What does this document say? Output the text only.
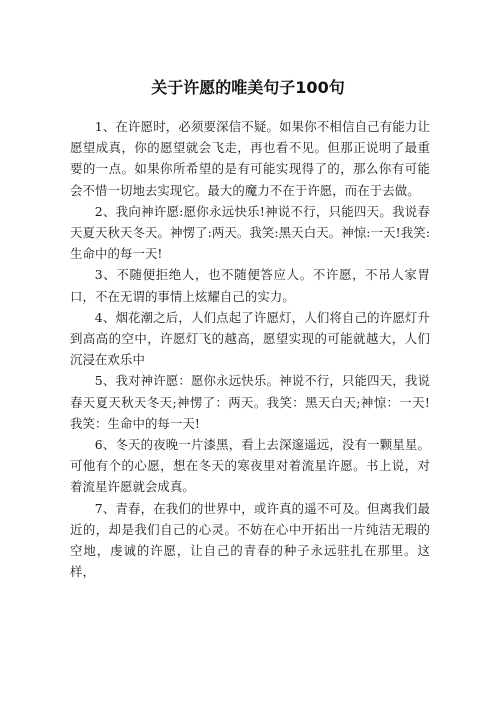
关于许愿的唯美句子100句

1、在许愿时，必须要深信不疑。如果你不相信自己有能力让愿望成真，你的愿望就会飞走，再也看不见。但那正说明了最重要的一点。如果你所希望的是有可能实现得了的，那么你有可能会不惜一切地去实现它。最大的魔力不在于许愿，而在于去做。

2、我向神许愿:愿你永远快乐!神说不行，只能四天。我说春天夏天秋天冬天。神愣了:两天。我笑:黑天白天。神惊:一天!我笑:生命中的每一天!

3、不随便拒绝人，也不随便答应人。不许愿，不吊人家胃口，不在无谓的事情上炫耀自己的实力。

4、烟花潮之后，人们点起了许愿灯，人们将自己的许愿灯升到高高的空中，许愿灯飞的越高，愿望实现的可能就越大，人们沉浸在欢乐中

5、我对神许愿：愿你永远快乐。神说不行，只能四天，我说春天夏天秋天冬天;神愣了：两天。我笑：黑天白天;神惊：一天!我笑：生命中的每一天!

6、冬天的夜晚一片漆黑，看上去深邃遥远，没有一颗星星。可他有个的心愿，想在冬天的寒夜里对着流星许愿。书上说，对着流星许愿就会成真。

7、青春，在我们的世界中，或许真的遥不可及。但离我们最近的，却是我们自己的心灵。不妨在心中开拓出一片纯洁无瑕的空地，虔诚的许愿，让自己的青春的种子永远驻扎在那里。这样，
